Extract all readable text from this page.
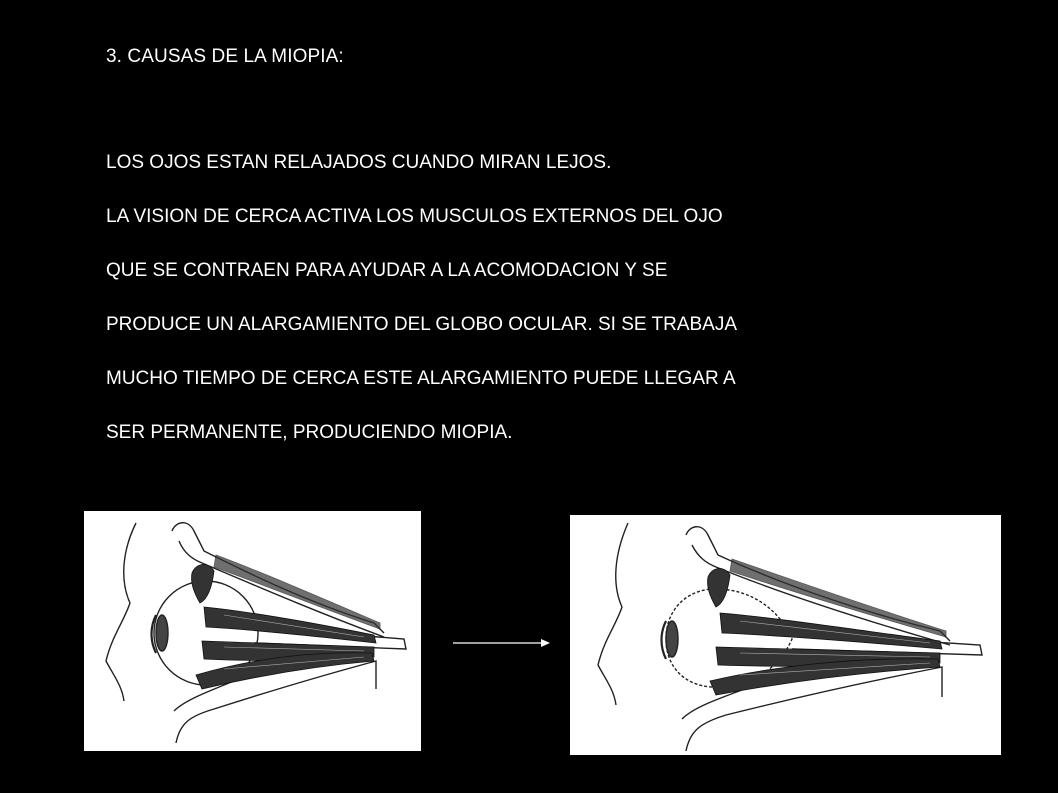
3. CAUSAS DE LA MIOPIA:
LOS OJOS ESTAN RELAJADOS CUANDO MIRAN LEJOS.
LA VISION DE CERCA ACTIVA LOS MUSCULOS EXTERNOS DEL OJO
QUE SE CONTRAEN PARA AYUDAR A LA ACOMODACION Y SE
PRODUCE UN ALARGAMIENTO DEL GLOBO OCULAR. SI SE TRABAJA
MUCHO TIEMPO DE CERCA ESTE ALARGAMIENTO PUEDE LLEGAR A
SER PERMANENTE, PRODUCIENDO MIOPIA.
